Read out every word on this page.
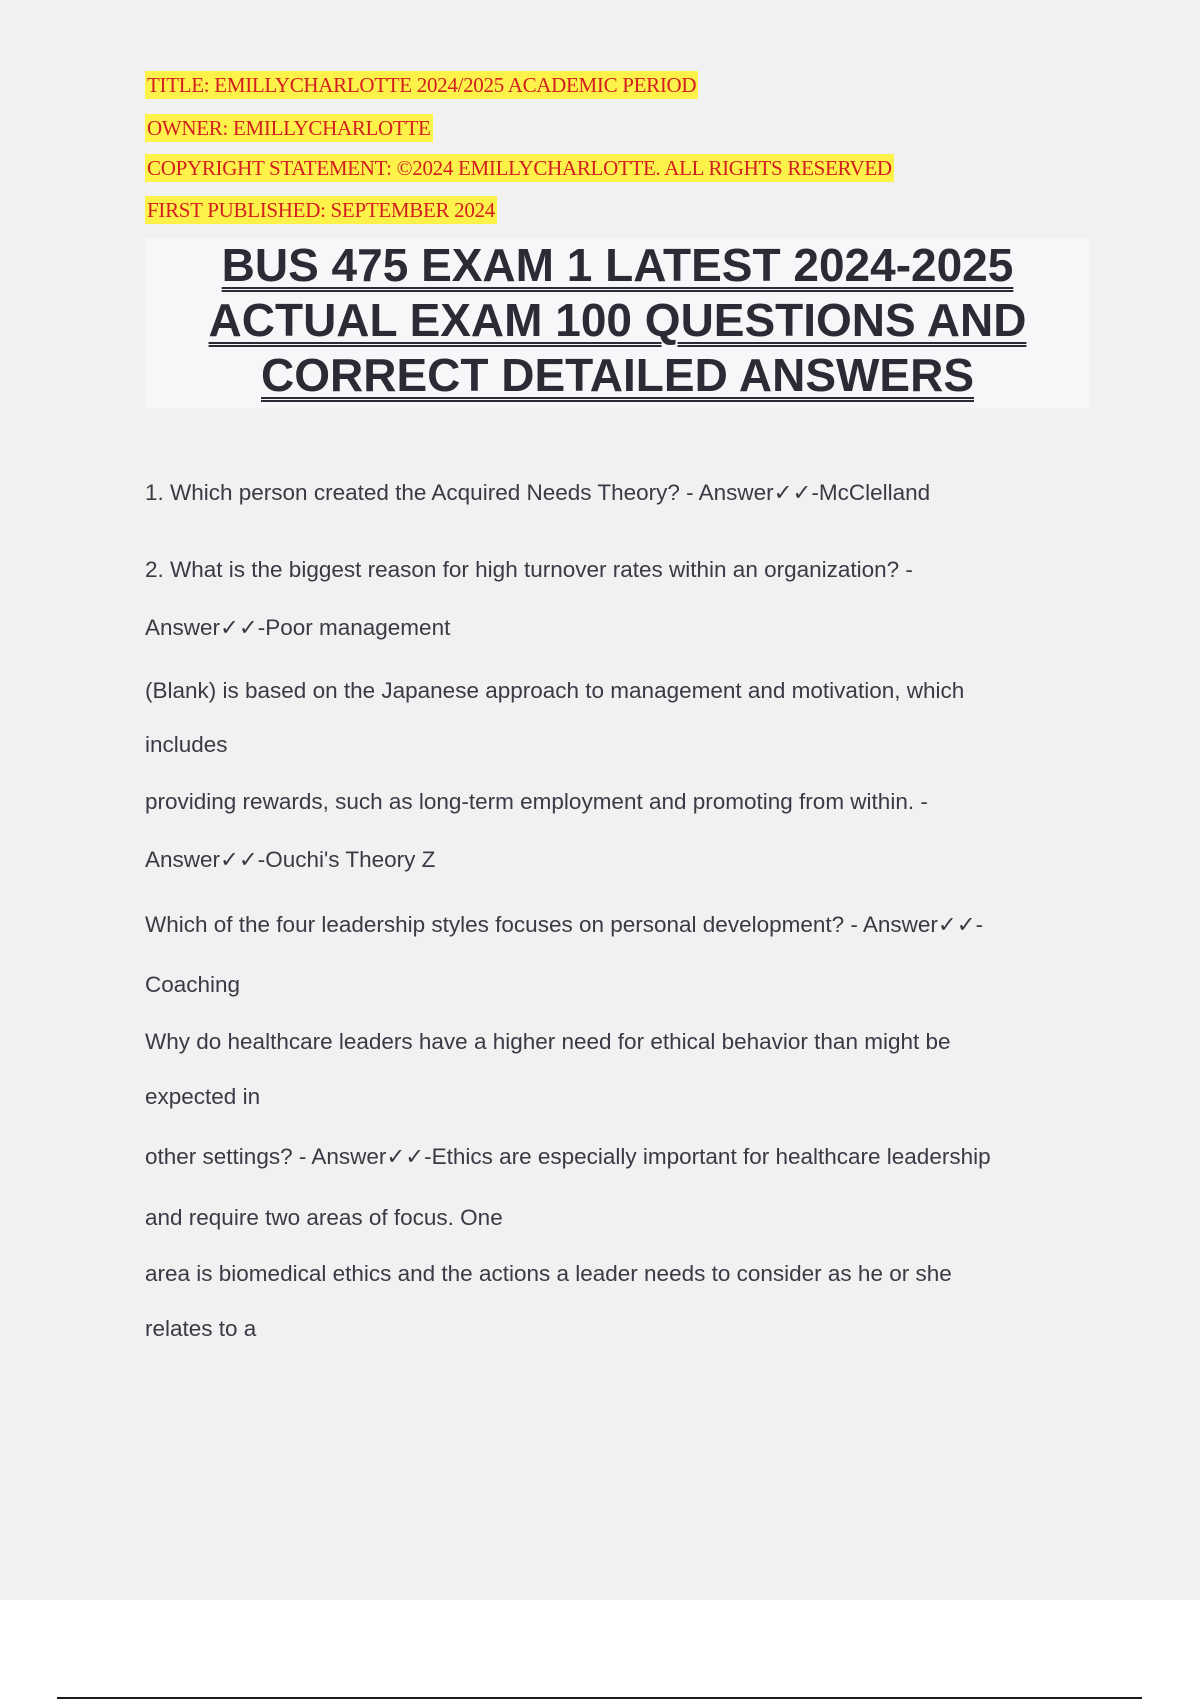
TITLE: EMILLYCHARLOTTE 2024/2025 ACADEMIC PERIOD
OWNER: EMILLYCHARLOTTE
COPYRIGHT STATEMENT: ©2024 EMILLYCHARLOTTE. ALL RIGHTS RESERVED
FIRST PUBLISHED: SEPTEMBER 2024
BUS 475 EXAM 1 LATEST 2024-2025
ACTUAL EXAM 100 QUESTIONS AND
CORRECT DETAILED ANSWERS
1. Which person created the Acquired Needs Theory? - Answer✓✓-McClelland
2. What is the biggest reason for high turnover rates within an organization? -
Answer✓✓-Poor management
(Blank) is based on the Japanese approach to management and motivation, which
includes
providing rewards, such as long-term employment and promoting from within. -
Answer✓✓-Ouchi's Theory Z
Which of the four leadership styles focuses on personal development? - Answer✓✓-
Coaching
Why do healthcare leaders have a higher need for ethical behavior than might be
expected in
other settings? - Answer✓✓-Ethics are especially important for healthcare leadership
and require two areas of focus. One
area is biomedical ethics and the actions a leader needs to consider as he or she
relates to a
